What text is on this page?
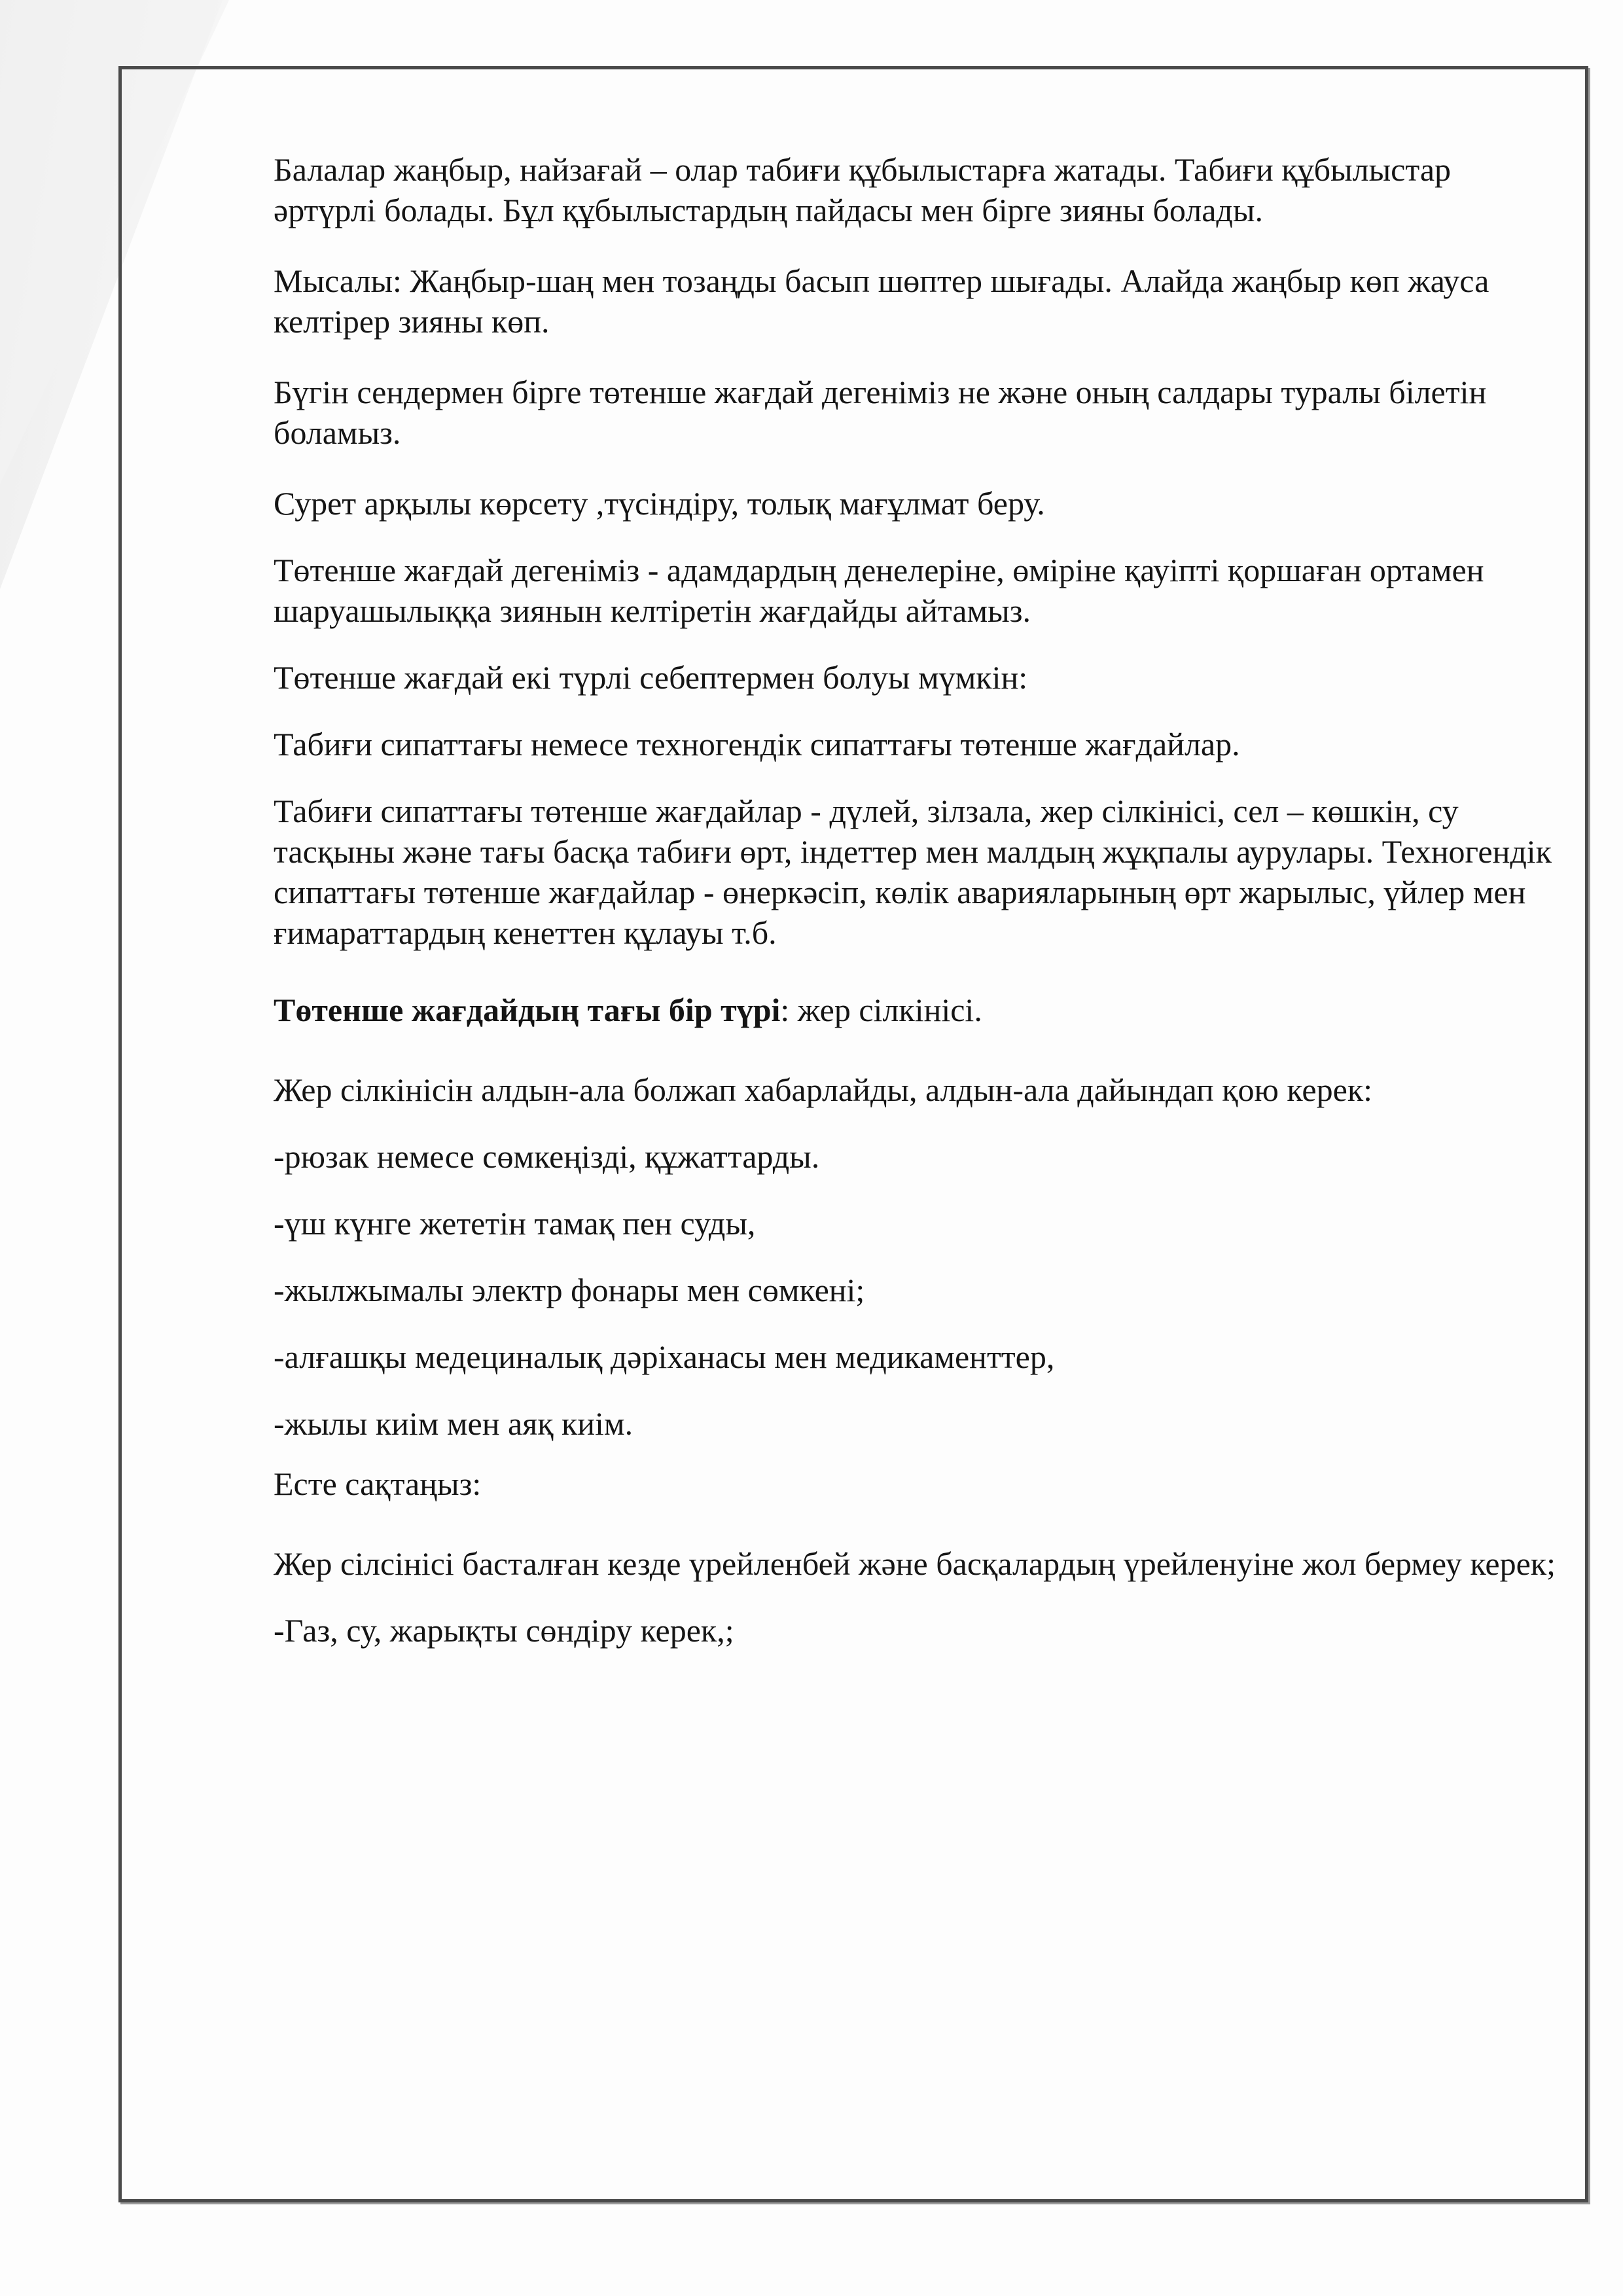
Балалар жаңбыр, найзағай – олар табиғи құбылыстарға жатады. Табиғи құбылыстар әртүрлі болады. Бұл құбылыстардың пайдасы мен бірге зияны болады.

Мысалы: Жаңбыр-шаң мен тозаңды басып шөптер шығады. Алайда жаңбыр көп жауса келтірер зияны көп.

Бүгін сендермен бірге төтенше жағдай дегеніміз не және оның салдары туралы білетін боламыз.

Сурет арқылы көрсету ,түсіндіру, толық мағұлмат беру.

Төтенше жағдай дегеніміз - адамдардың денелеріне, өміріне қауіпті қоршаған ортамен шаруашылыққа зиянын келтіретін жағдайды айтамыз.

Төтенше жағдай екі түрлі себептермен болуы мүмкін:

Табиғи сипаттағы немесе техногендік сипаттағы төтенше жағдайлар.

Табиғи сипаттағы төтенше жағдайлар - дүлей, зілзала, жер сілкінісі, сел – көшкін, су тасқыны және тағы басқа табиғи өрт, індеттер мен малдың жұқпалы аурулары. Техногендік сипаттағы төтенше жағдайлар - өнеркәсіп, көлік аварияларының өрт жарылыс, үйлер мен ғимараттардың кенеттен құлауы т.б.

Төтенше жағдайдың тағы бір түрі: жер сілкінісі.

Жер сілкінісін алдын-ала болжап хабарлайды, алдын-ала дайындап қою керек:

-рюзак немесе сөмкеңізді, құжаттарды.

-үш күнге жететін тамақ пен суды,

-жылжымалы электр фонары мен сөмкені;

-алғашқы медециналық дәріханасы мен медикаменттер,

-жылы киім мен аяқ киім.

Есте сақтаңыз:

Жер сілсінісі басталған кезде үрейленбей және басқалардың үрейленуіне жол бермеу керек;

-Газ, су, жарықты сөндіру керек,;
